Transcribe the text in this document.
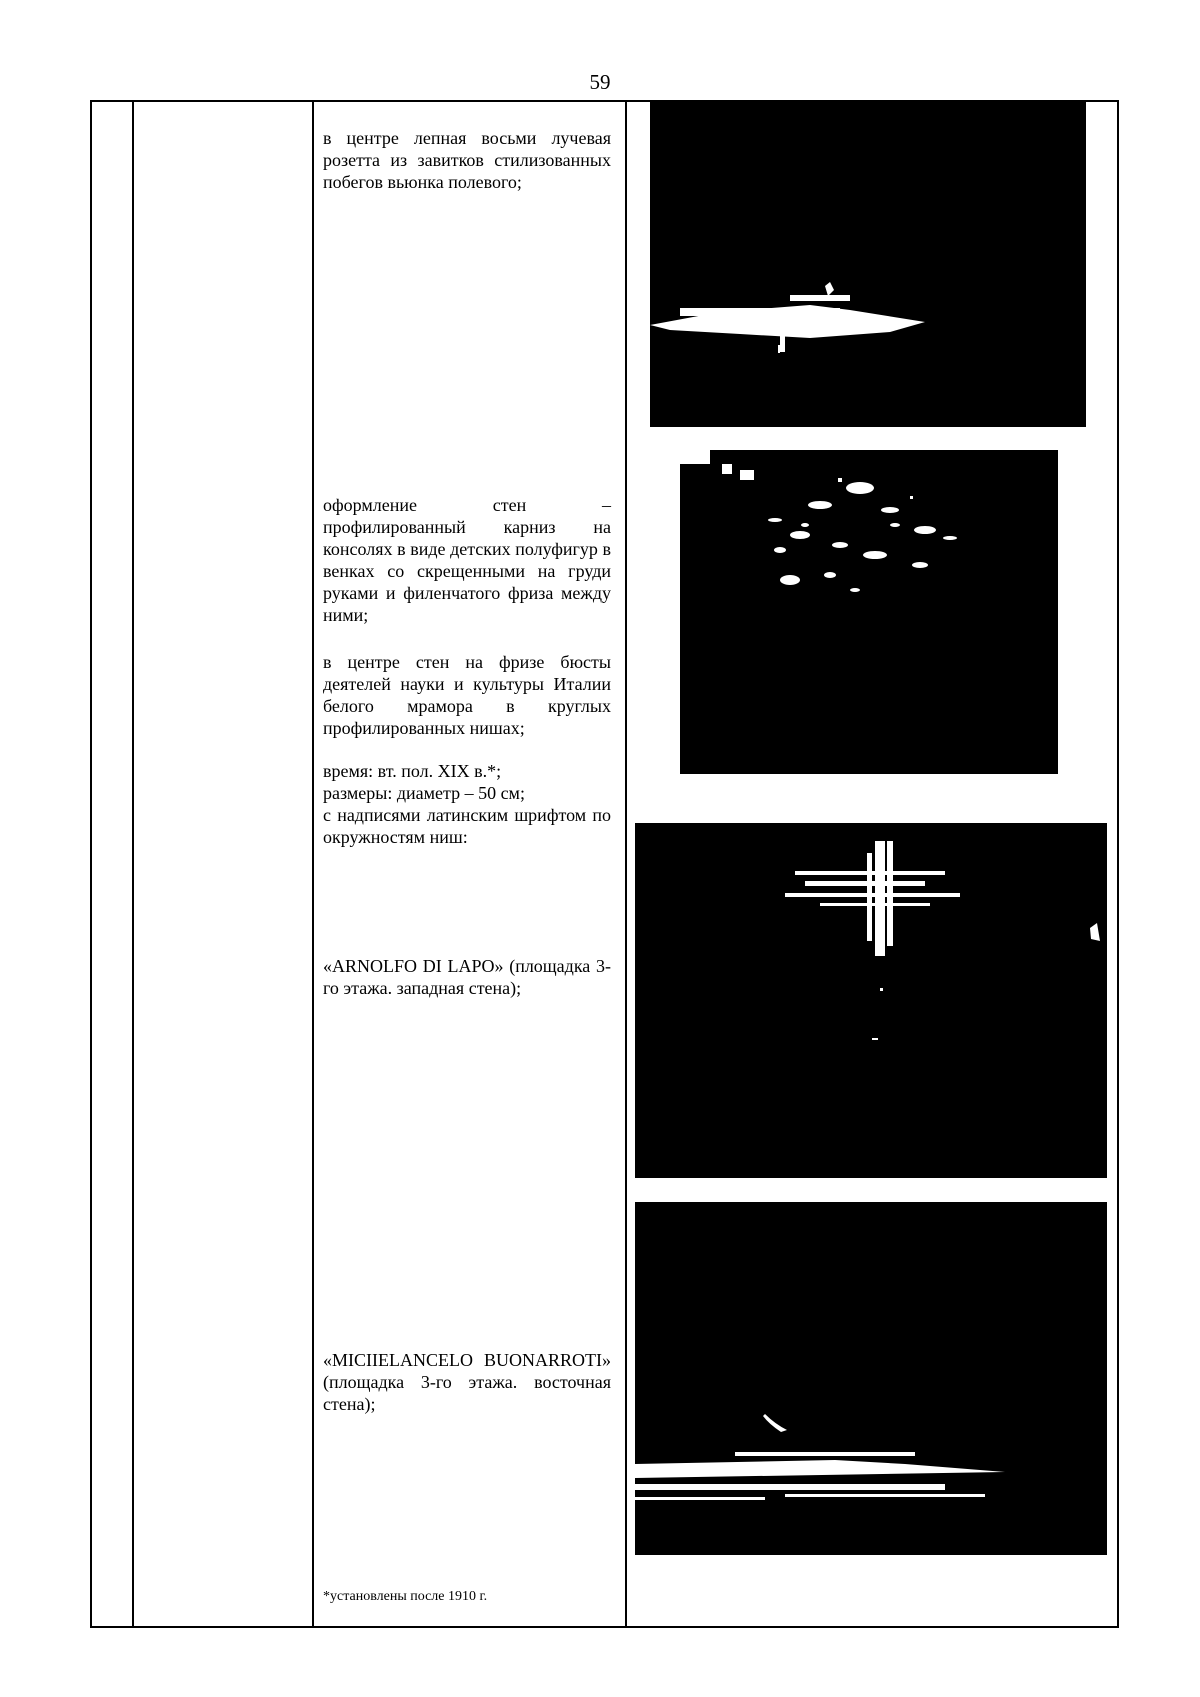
59
в центре лепная восьми лучевая розетта из завитков стилизованных побегов вьюнка полевого;
оформление стен – профилированный карниз на консолях в виде детских полуфигур в венках со скрещенными на груди руками и филенчатого фриза между ними;
в центре стен на фризе бюсты деятелей науки и культуры Италии белого мрамора в круглых профилированных нишах;
время: вт. пол. XIX в.*;
размеры: диаметр – 50 см;
с надписями латинским шрифтом по окружностям ниш:
«ARNOLFO DI LAPO» (площадка 3-го этажа. западная стена);
«MICIIELANCELO BUONARROTI» (площадка 3-го этажа. восточная стена);
*установлены после 1910 г.
